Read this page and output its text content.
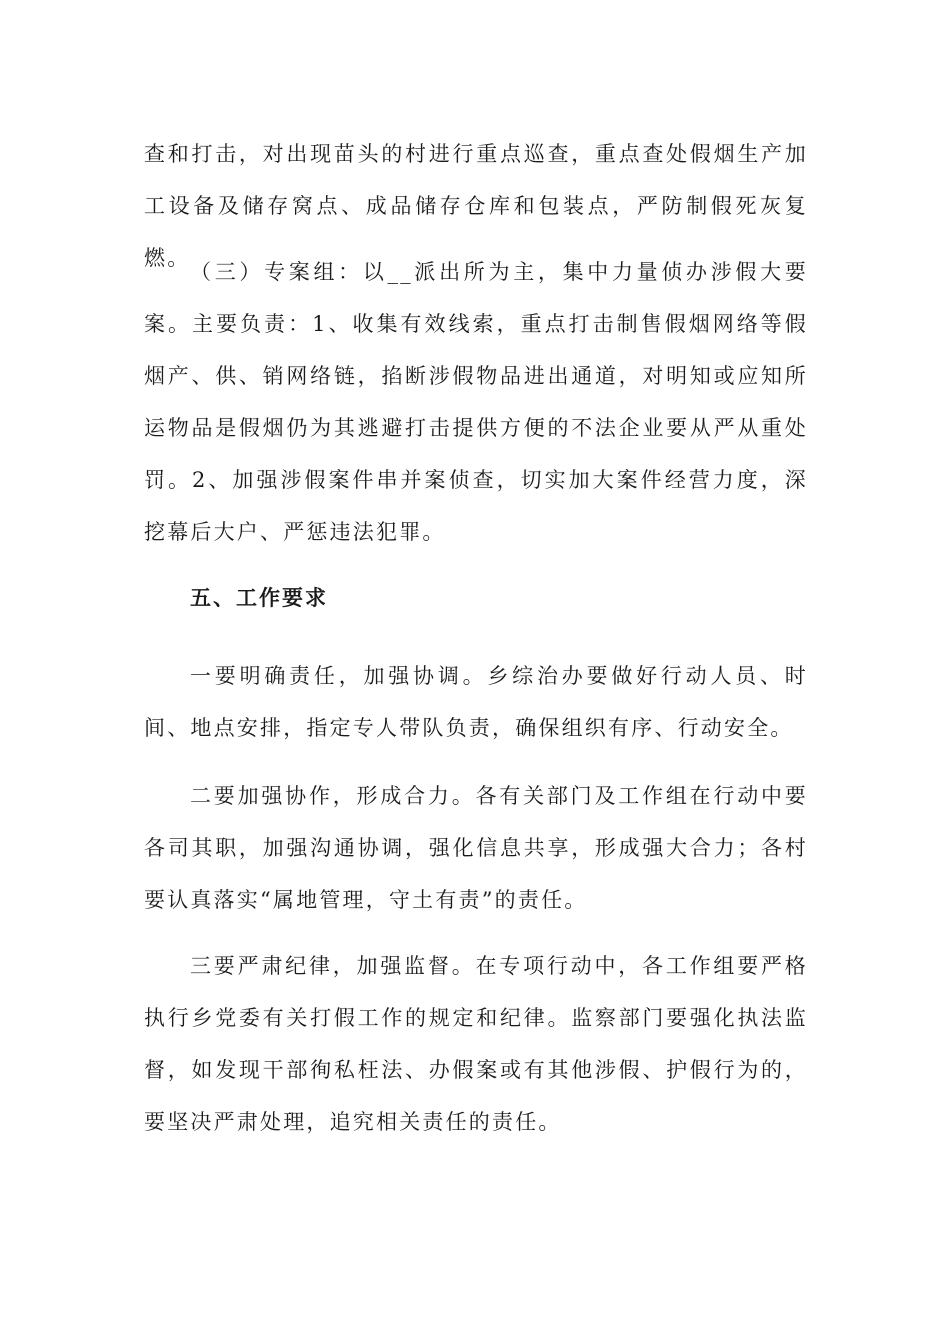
查和打击，对出现苗头的村进行重点巡查，重点查处假烟生产加工设备及储存窝点、成品储存仓库和包装点，严防制假死灰复燃。

（三）专案组：以__派出所为主，集中力量侦办涉假大要案。主要负责：1、收集有效线索，重点打击制售假烟网络等假烟产、供、销网络链，掐断涉假物品进出通道，对明知或应知所运物品是假烟仍为其逃避打击提供方便的不法企业要从严从重处罚。2、加强涉假案件串并案侦查，切实加大案件经营力度，深挖幕后大户、严惩违法犯罪。

五、工作要求

一要明确责任，加强协调。乡综治办要做好行动人员、时间、地点安排，指定专人带队负责，确保组织有序、行动安全。

二要加强协作，形成合力。各有关部门及工作组在行动中要各司其职，加强沟通协调，强化信息共享，形成强大合力；各村要认真落实“属地管理，守土有责”的责任。

三要严肃纪律，加强监督。在专项行动中，各工作组要严格执行乡党委有关打假工作的规定和纪律。监察部门要强化执法监督，如发现干部徇私枉法、办假案或有其他涉假、护假行为的，要坚决严肃处理，追究相关责任的责任。
